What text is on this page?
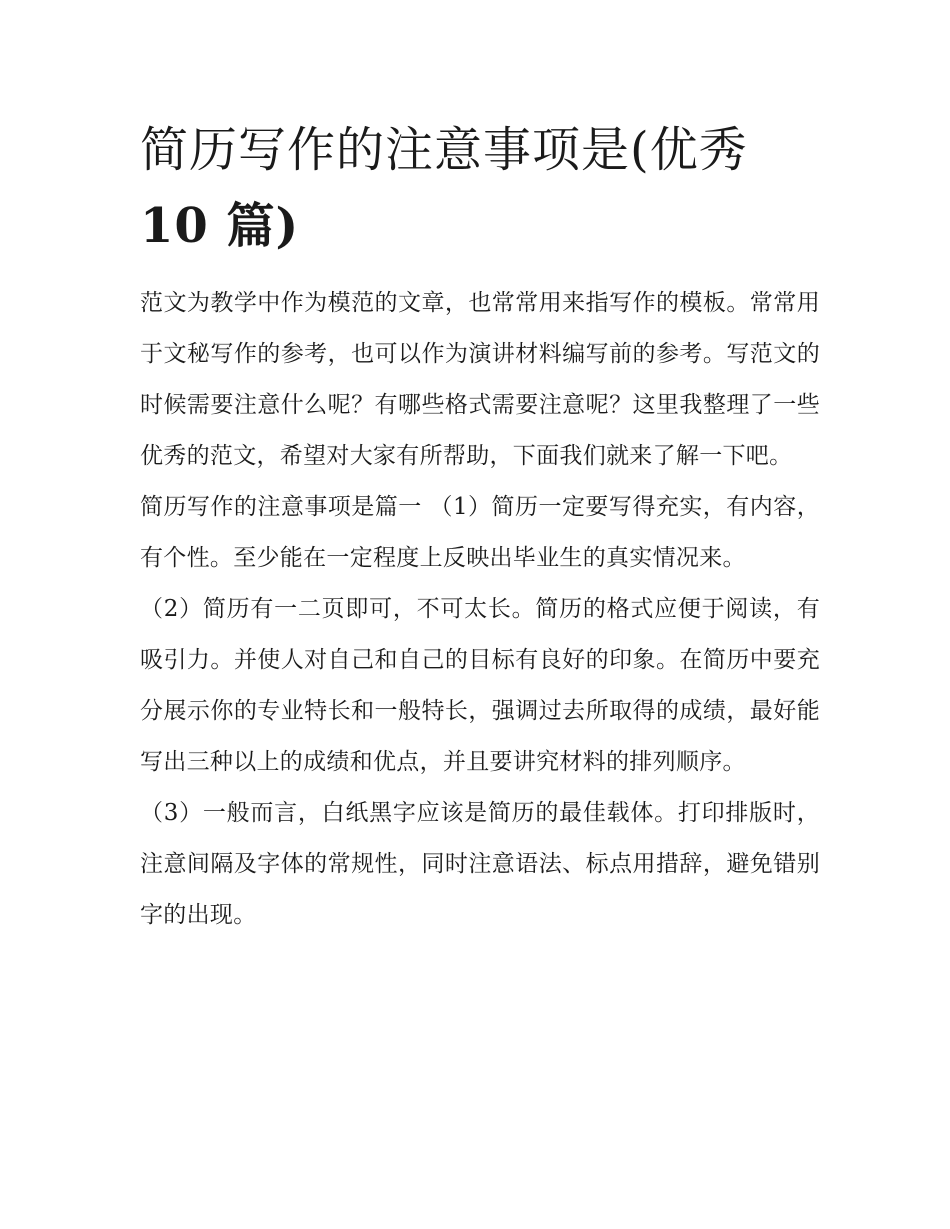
简历写作的注意事项是(优秀
10 篇)

范文为教学中作为模范的文章，也常常用来指写作的模板。常常用于文秘写作的参考，也可以作为演讲材料编写前的参考。写范文的时候需要注意什么呢？有哪些格式需要注意呢？这里我整理了一些优秀的范文，希望对大家有所帮助，下面我们就来了解一下吧。

简历写作的注意事项是篇一 （1）简历一定要写得充实，有内容，有个性。至少能在一定程度上反映出毕业生的真实情况来。

（2）简历有一二页即可，不可太长。简历的格式应便于阅读，有吸引力。并使人对自己和自己的目标有良好的印象。在简历中要充分展示你的专业特长和一般特长，强调过去所取得的成绩，最好能写出三种以上的成绩和优点，并且要讲究材料的排列顺序。

（3）一般而言，白纸黑字应该是简历的最佳载体。打印排版时，注意间隔及字体的常规性，同时注意语法、标点用措辞，避免错别字的出现。
